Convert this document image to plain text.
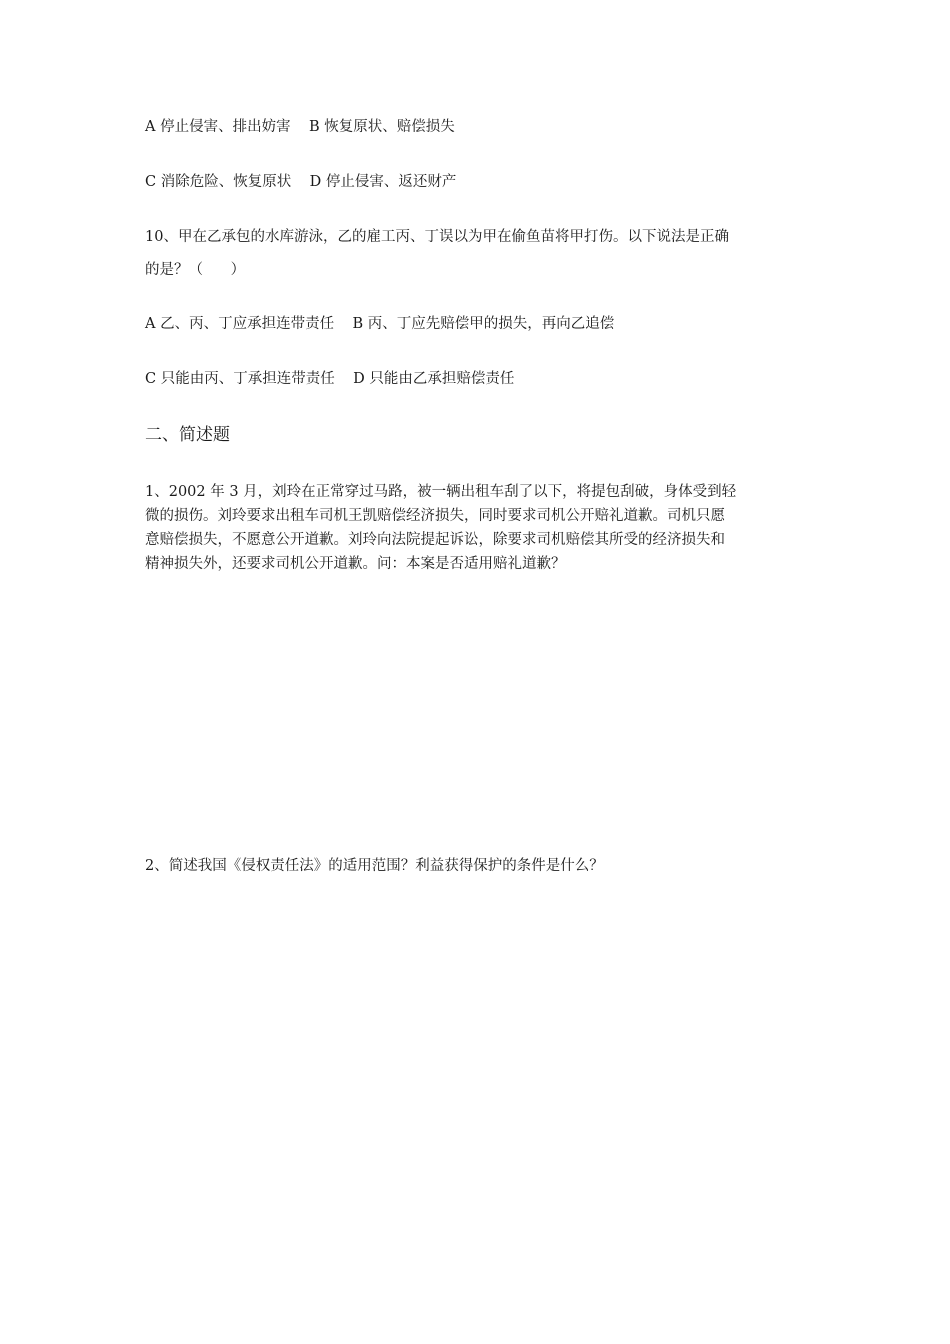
A 停止侵害、排出妨害    B 恢复原状、赔偿损失
C 消除危险、恢复原状    D 停止侵害、返还财产
10、甲在乙承包的水库游泳，乙的雇工丙、丁误以为甲在偷鱼苗将甲打伤。以下说法是正确
的是？（      ）
A 乙、丙、丁应承担连带责任    B 丙、丁应先赔偿甲的损失，再向乙追偿
C 只能由丙、丁承担连带责任    D 只能由乙承担赔偿责任
二、简述题
1、2002 年 3 月，刘玲在正常穿过马路，被一辆出租车刮了以下，将提包刮破，身体受到轻
微的损伤。刘玲要求出租车司机王凯赔偿经济损失，同时要求司机公开赔礼道歉。司机只愿
意赔偿损失，不愿意公开道歉。刘玲向法院提起诉讼，除要求司机赔偿其所受的经济损失和
精神损失外，还要求司机公开道歉。问：本案是否适用赔礼道歉？
2、简述我国《侵权责任法》的适用范围？利益获得保护的条件是什么？
